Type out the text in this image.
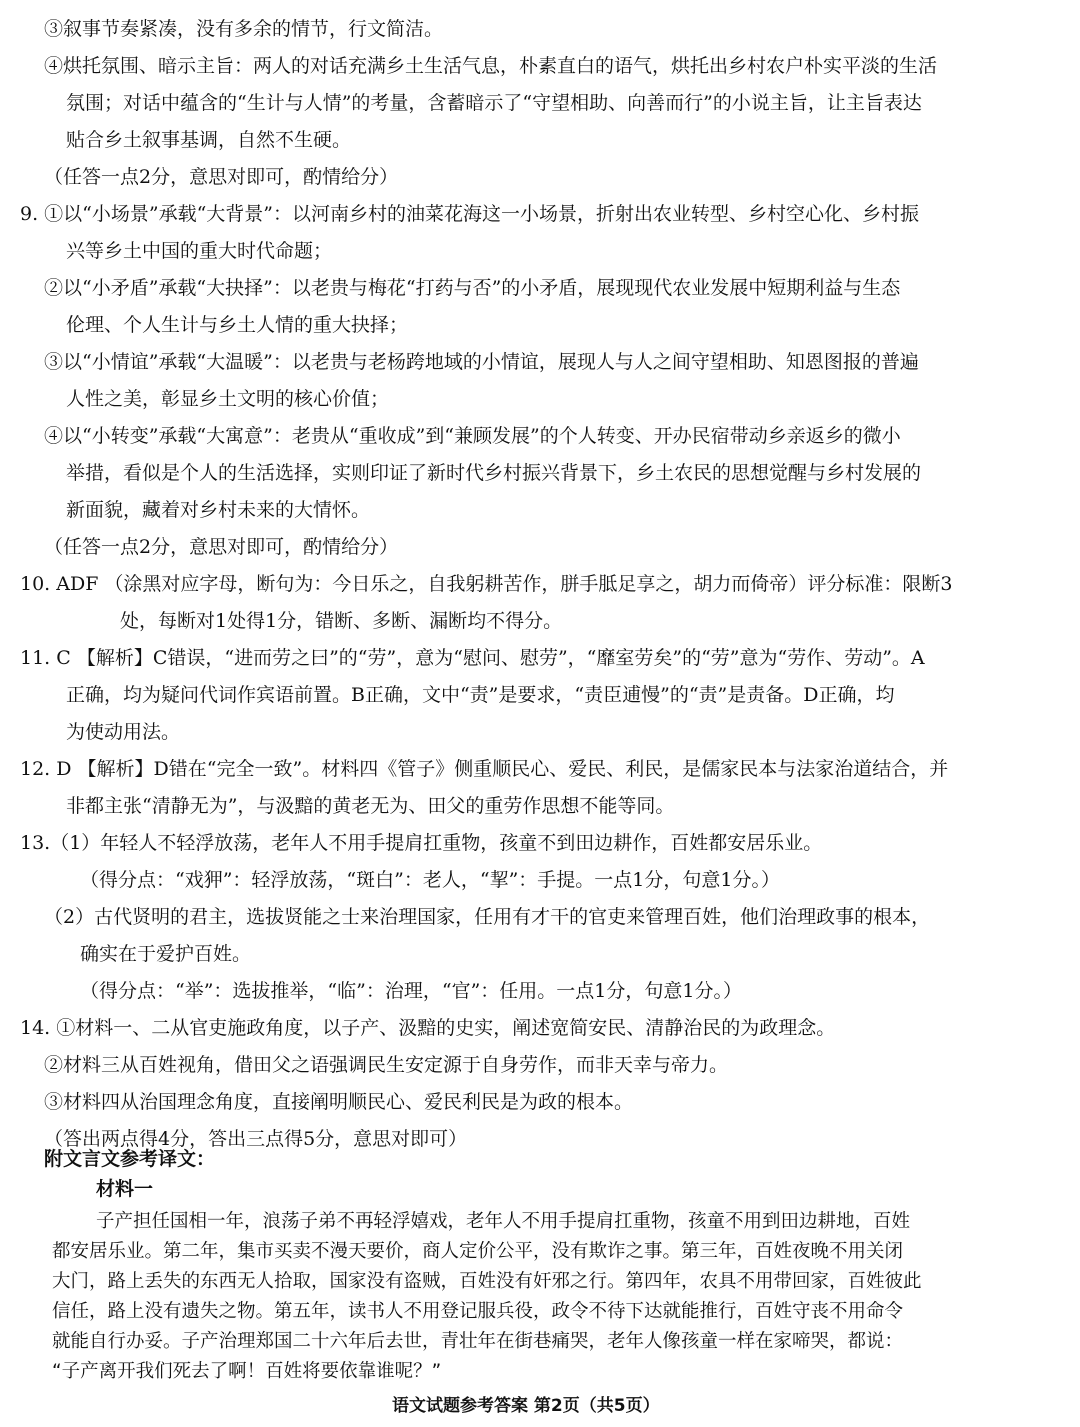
③叙事节奏紧凑，没有多余的情节，行文简洁。
④烘托氛围、暗示主旨：两人的对话充满乡土生活气息，朴素直白的语气，烘托出乡村农户朴实平淡的生活
氛围；对话中蕴含的“生计与人情”的考量，含蓄暗示了“守望相助、向善而行”的小说主旨，让主旨表达
贴合乡土叙事基调，自然不生硬。
（任答一点2分，意思对即可，酌情给分）
9. ①以“小场景”承载“大背景”：以河南乡村的油菜花海这一小场景，折射出农业转型、乡村空心化、乡村振
兴等乡土中国的重大时代命题；
②以“小矛盾”承载“大抉择”：以老贵与梅花“打药与否”的小矛盾，展现现代农业发展中短期利益与生态
伦理、个人生计与乡土人情的重大抉择；
③以“小情谊”承载“大温暖”：以老贵与老杨跨地域的小情谊，展现人与人之间守望相助、知恩图报的普遍
人性之美，彰显乡土文明的核心价值；
④以“小转变”承载“大寓意”：老贵从“重收成”到“兼顾发展”的个人转变、开办民宿带动乡亲返乡的微小
举措，看似是个人的生活选择，实则印证了新时代乡村振兴背景下，乡土农民的思想觉醒与乡村发展的
新面貌，藏着对乡村未来的大情怀。
（任答一点2分，意思对即可，酌情给分）
10. ADF （涂黑对应字母，断句为：今日乐之，自我躬耕苦作，胼手胝足享之，胡力而倚帝）评分标准：限断3
处，每断对1处得1分，错断、多断、漏断均不得分。
11. C 【解析】C错误，“进而劳之曰”的“劳”，意为“慰问、慰劳”，“靡室劳矣”的“劳”意为“劳作、劳动”。A
正确，均为疑问代词作宾语前置。B正确，文中“责”是要求，“责臣逋慢”的“责”是责备。D正确，均
为使动用法。
12. D 【解析】D错在“完全一致”。材料四《管子》侧重顺民心、爱民、利民，是儒家民本与法家治道结合，并
非都主张“清静无为”，与汲黯的黄老无为、田父的重劳作思想不能等同。
13.（1）年轻人不轻浮放荡，老年人不用手提肩扛重物，孩童不到田边耕作，百姓都安居乐业。
（得分点：“戏狎”：轻浮放荡，“斑白”：老人，“挈”：手提。一点1分，句意1分。）
（2）古代贤明的君主，选拔贤能之士来治理国家，任用有才干的官吏来管理百姓，他们治理政事的根本，
确实在于爱护百姓。
（得分点：“举”：选拔推举，“临”：治理，“官”：任用。一点1分，句意1分。）
14. ①材料一、二从官吏施政角度，以子产、汲黯的史实，阐述宽简安民、清静治民的为政理念。
②材料三从百姓视角，借田父之语强调民生安定源于自身劳作，而非天幸与帝力。
③材料四从治国理念角度，直接阐明顺民心、爱民利民是为政的根本。
（答出两点得4分，答出三点得5分，意思对即可）
附文言文参考译文：
材料一
子产担任国相一年，浪荡子弟不再轻浮嬉戏，老年人不用手提肩扛重物，孩童不用到田边耕地，百姓
都安居乐业。第二年，集市买卖不漫天要价，商人定价公平，没有欺诈之事。第三年，百姓夜晚不用关闭
大门，路上丢失的东西无人拾取，国家没有盗贼，百姓没有奸邪之行。第四年，农具不用带回家，百姓彼此
信任，路上没有遗失之物。第五年，读书人不用登记服兵役，政令不待下达就能推行，百姓守丧不用命令
就能自行办妥。子产治理郑国二十六年后去世，青壮年在街巷痛哭，老年人像孩童一样在家啼哭，都说：
“子产离开我们死去了啊！百姓将要依靠谁呢？”
语文试题参考答案 第2页（共5页）
